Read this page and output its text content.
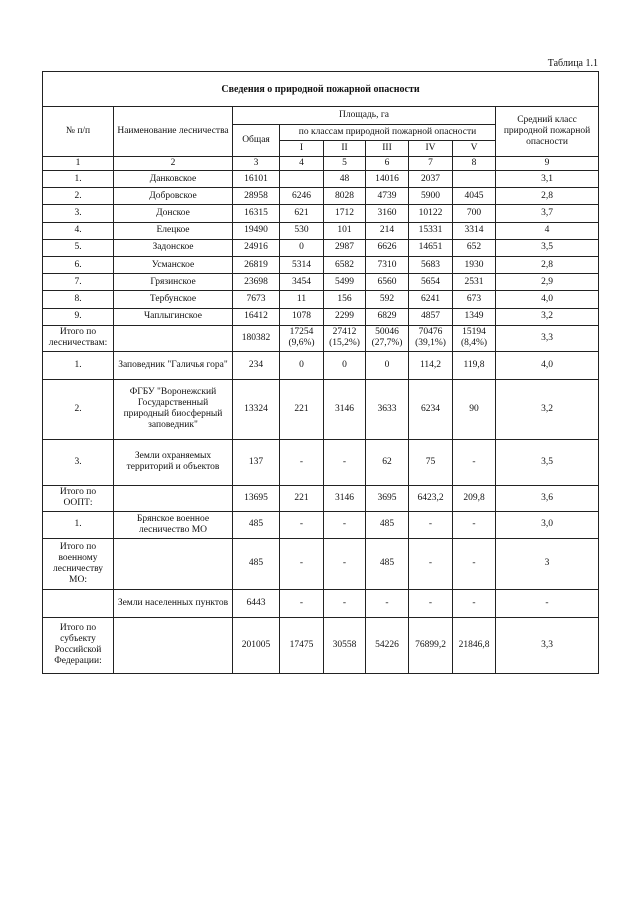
Таблица 1.1
Сведения о природной пожарной опасности								
№ п/п	Наименование лесничества	Площадь, га						Средний класс природной пожарной опасности
		Общая	по классам природной пожарной опасности					
			I	II	III	IV	V	
1	2	3	4	5	6	7	8	9
1.	Данковское	16101		48	14016	2037		3,1
2.	Добровское	28958	6246	8028	4739	5900	4045	2,8
3.	Донское	16315	621	1712	3160	10122	700	3,7
4.	Елецкое	19490	530	101	214	15331	3314	4
5.	Задонское	24916	0	2987	6626	14651	652	3,5
6.	Усманское	26819	5314	6582	7310	5683	1930	2,8
7.	Грязинское	23698	3454	5499	6560	5654	2531	2,9
8.	Тербунское	7673	11	156	592	6241	673	4,0
9.	Чаплыгинское	16412	1078	2299	6829	4857	1349	3,2
Итого по лесничествам:		180382	17254 (9,6%)	27412 (15,2%)	50046 (27,7%)	70476 (39,1%)	15194 (8,4%)	3,3
1.	Заповедник "Галичья гора"	234	0	0	0	114,2	119,8	4,0
2.	ФГБУ "Воронежский Государственный природный биосферный заповедник"	13324	221	3146	3633	6234	90	3,2
3.	Земли охраняемых территорий и объектов	137	-	-	62	75	-	3,5
Итого по ООПТ:		13695	221	3146	3695	6423,2	209,8	3,6
1.	Брянское военное лесничество МО	485	-	-	485	-	-	3,0
Итого по военному лесничеству МО:		485	-	-	485	-	-	3
	Земли населенных пунктов	6443	-	-	-	-	-	-
Итого по субъекту Российской Федерации:		201005	17475	30558	54226	76899,2	21846,8	3,3
